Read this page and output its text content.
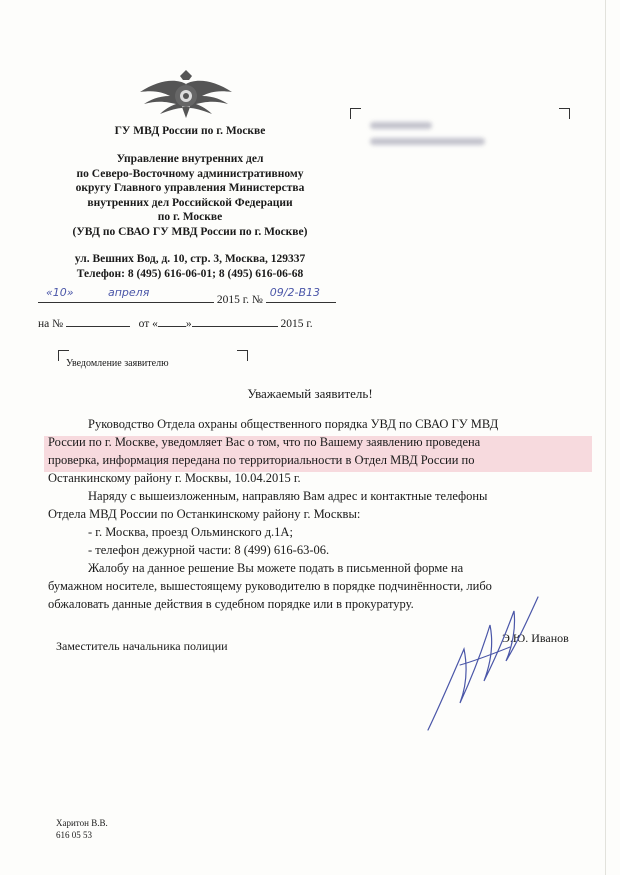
ГУ МВД России по г. Москве
Управление внутренних дел
по Северо-Восточному административному
округу Главного управления Министерства
внутренних дел Российской Федерации
по г. Москве
(УВД по СВАО ГУ МВД России по г. Москве)
ул. Вешних Вод, д. 10, стр. 3, Москва, 129337
Телефон: 8 (495) 616-06-01; 8 (495) 616-06-68
«10»	апреля
2015 г. №
09/2-В13
на №	от « »	2015 г.
Уведомление заявителю
Уважаемый заявитель!
Руководство Отдела охраны общественного порядка УВД по СВАО ГУ МВД
России по г. Москве, уведомляет Вас о том, что по Вашему заявлению проведена
проверка, информация передана по территориальности в Отдел МВД России по
Останкинскому району г. Москвы, 10.04.2015 г.
Наряду с вышеизложенным, направляю Вам адрес и контактные телефоны
Отдела МВД России по Останкинскому району г. Москвы:
- г. Москва, проезд Ольминского д.1А;
- телефон дежурной части: 8 (499) 616-63-06.
Жалобу на данное решение Вы можете подать в письменной форме на
бумажном носителе, вышестоящему руководителю в порядке подчинённости, либо
обжаловать данные действия в судебном порядке или в прокуратуру.
Заместитель начальника полиции
Э.Ю. Иванов
Харитон В.В.
616 05 53
